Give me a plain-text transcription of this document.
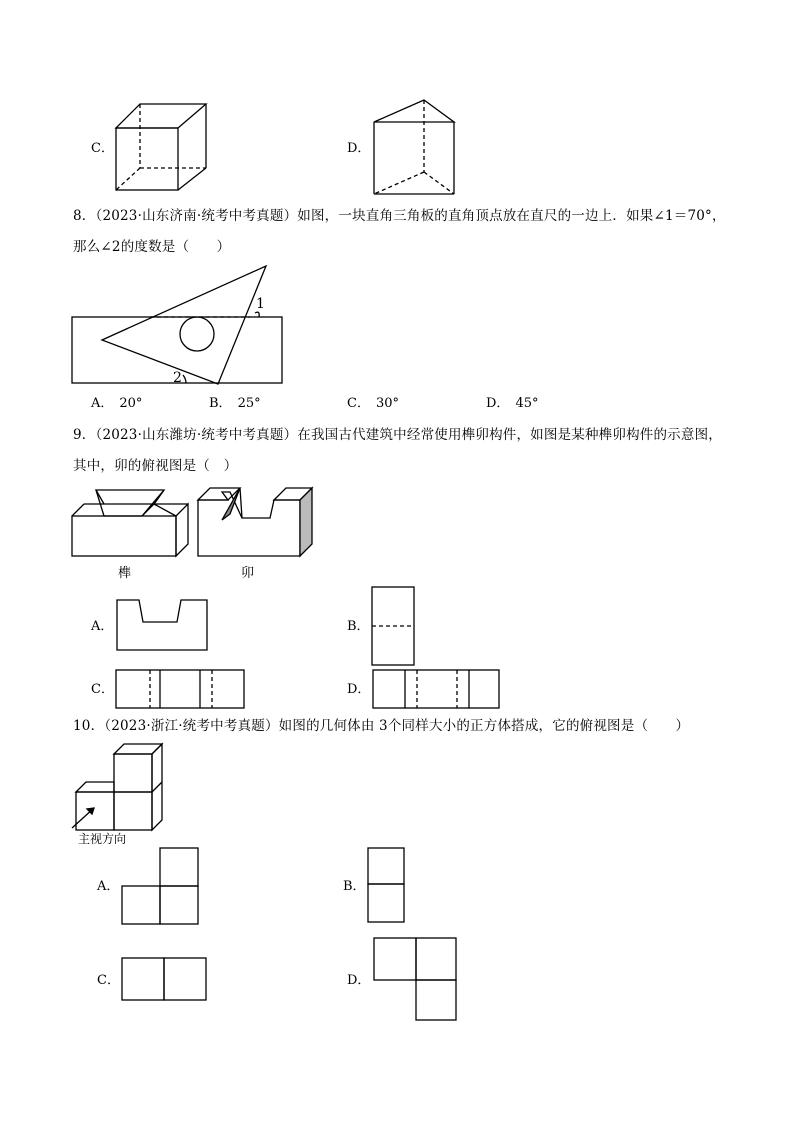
C．	D．
8．（2023·山东济南·统考中考真题）如图，一块直角三角板的直角顶点放在直尺的一边上．如果∠1＝70°，
那么∠2的度数是（　　）
1
2
A． 20°	B． 25°	C． 30°	D． 45°
9．（2023·山东潍坊·统考中考真题）在我国古代建筑中经常使用榫卯构件，如图是某种榫卯构件的示意图，
其中，卯的俯视图是（　）
榫	卯
A．	B．
C．	D．
10．（2023·浙江·统考中考真题）如图的几何体由 3个同样大小的正方体搭成，它的俯视图是（　　）
主视方向
A．	B．
C．	D．
